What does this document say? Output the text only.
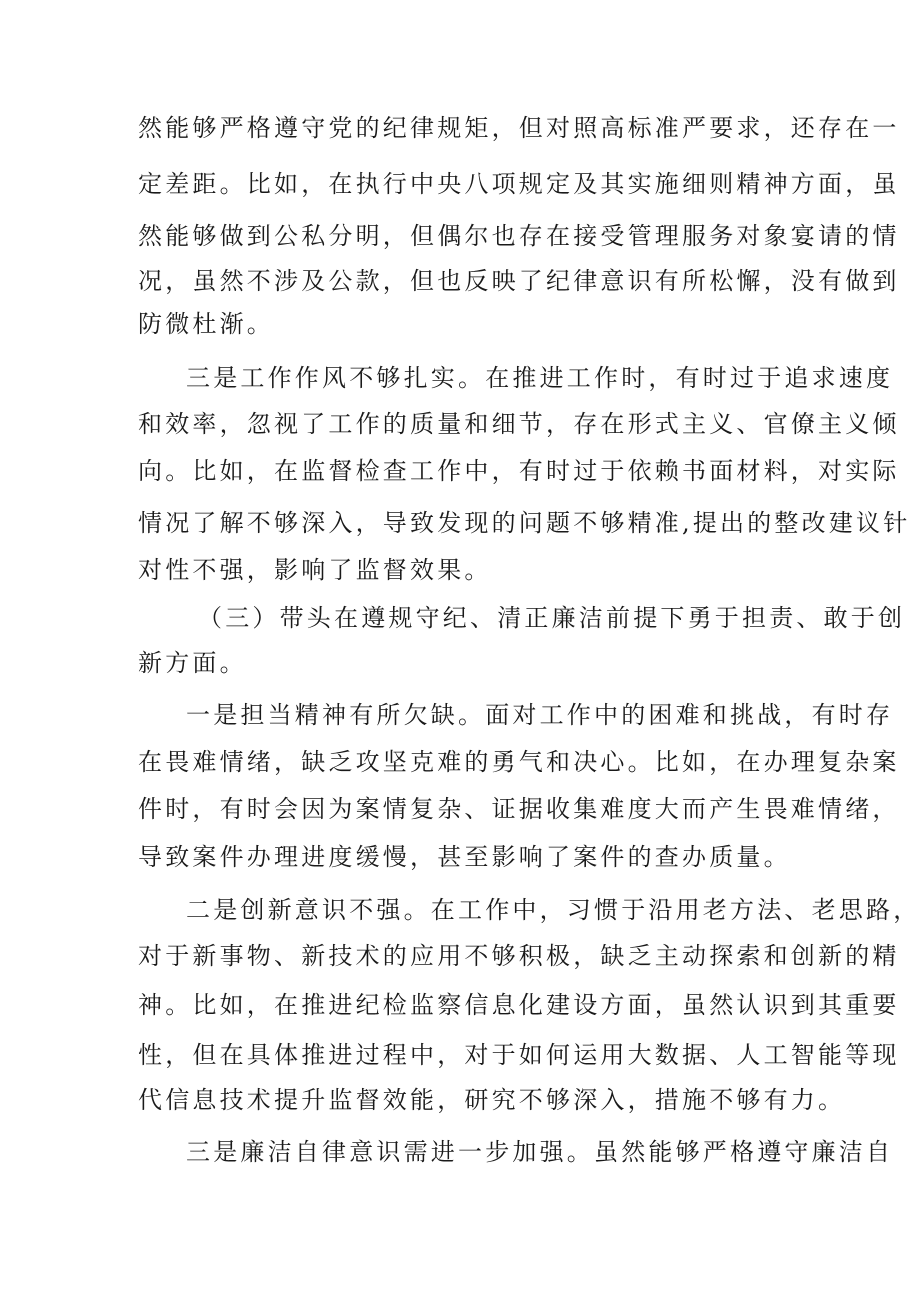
然能够严格遵守党的纪律规矩，但对照高标准严要求，还存在一
定差距。比如，在执行中央八项规定及其实施细则精神方面，虽
然能够做到公私分明，但偶尔也存在接受管理服务对象宴请的情
况，虽然不涉及公款，但也反映了纪律意识有所松懈，没有做到
防微杜渐。
三是工作作风不够扎实。在推进工作时，有时过于追求速度
和效率，忽视了工作的质量和细节，存在形式主义、官僚主义倾
向。比如，在监督检查工作中，有时过于依赖书面材料，对实际
情况了解不够深入，导致发现的问题不够精准,提出的整改建议针
对性不强，影响了监督效果。
（三）带头在遵规守纪、清正廉洁前提下勇于担责、敢于创
新方面。
一是担当精神有所欠缺。面对工作中的困难和挑战，有时存
在畏难情绪，缺乏攻坚克难的勇气和决心。比如，在办理复杂案
件时，有时会因为案情复杂、证据收集难度大而产生畏难情绪，
导致案件办理进度缓慢，甚至影响了案件的查办质量。
二是创新意识不强。在工作中，习惯于沿用老方法、老思路，
对于新事物、新技术的应用不够积极，缺乏主动探索和创新的精
神。比如，在推进纪检监察信息化建设方面，虽然认识到其重要
性，但在具体推进过程中，对于如何运用大数据、人工智能等现
代信息技术提升监督效能，研究不够深入，措施不够有力。
三是廉洁自律意识需进一步加强。虽然能够严格遵守廉洁自
